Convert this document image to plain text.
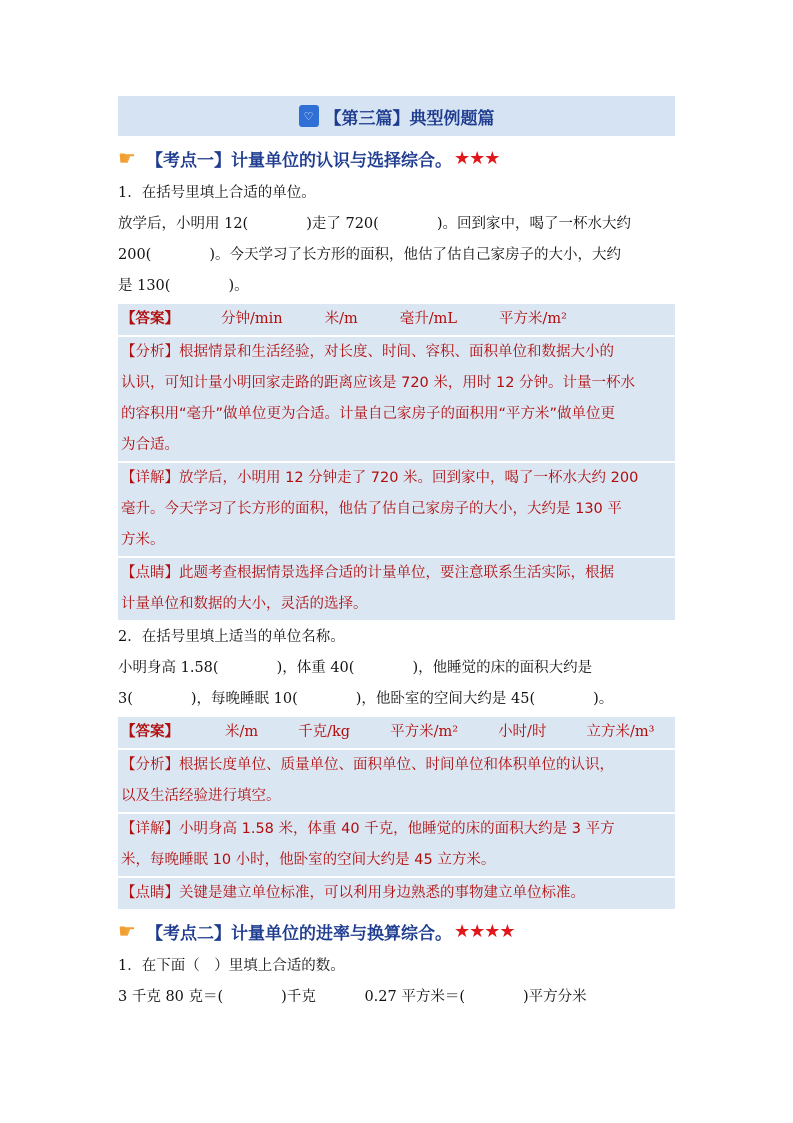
♡ 【第三篇】典型例题篇
☛ 【考点一】计量单位的认识与选择综合。 ★★★
1．在括号里填上合适的单位。
放学后，小明用 12(	)走了 720(	)。回到家中，喝了一杯水大约
200(	)。今天学习了长方形的面积，他估了估自己家房子的大小，大约
是 130(	)。

【答案】	分钟/min	米/m	毫升/mL	平方米/m²

【分析】根据情景和生活经验，对长度、时间、容积、面积单位和数据大小的

认识，可知计量小明回家走路的距离应该是 720 米，用时 12 分钟。计量一杯水

的容积用“毫升”做单位更为合适。计量自己家房子的面积用“平方米”做单位更

为合适。

【详解】放学后，小明用 12 分钟走了 720 米。回到家中，喝了一杯水大约 200

毫升。今天学习了长方形的面积，他估了估自己家房子的大小，大约是 130 平

方米。

【点睛】此题考查根据情景选择合适的计量单位，要注意联系生活实际，根据

计量单位和数据的大小，灵活的选择。

2．在括号里填上适当的单位名称。
小明身高 1.58(	)，体重 40(	)，他睡觉的床的面积大约是
3(	)，每晚睡眠 10(	)，他卧室的空间大约是 45(	)。

【答案】	米/m	千克/kg	平方米/m²	小时/时	立方米/m³

【分析】根据长度单位、质量单位、面积单位、时间单位和体积单位的认识，

以及生活经验进行填空。

【详解】小明身高 1.58 米，体重 40 千克，他睡觉的床的面积大约是 3 平方

米，每晚睡眠 10 小时，他卧室的空间大约是 45 立方米。

【点睛】关键是建立单位标准，可以利用身边熟悉的事物建立单位标准。

☛ 【考点二】计量单位的进率与换算综合。 ★★★★
1．在下面（　）里填上合适的数。
3 千克 80 克＝(	)千克	0.27 平方米＝(	)平方分米
